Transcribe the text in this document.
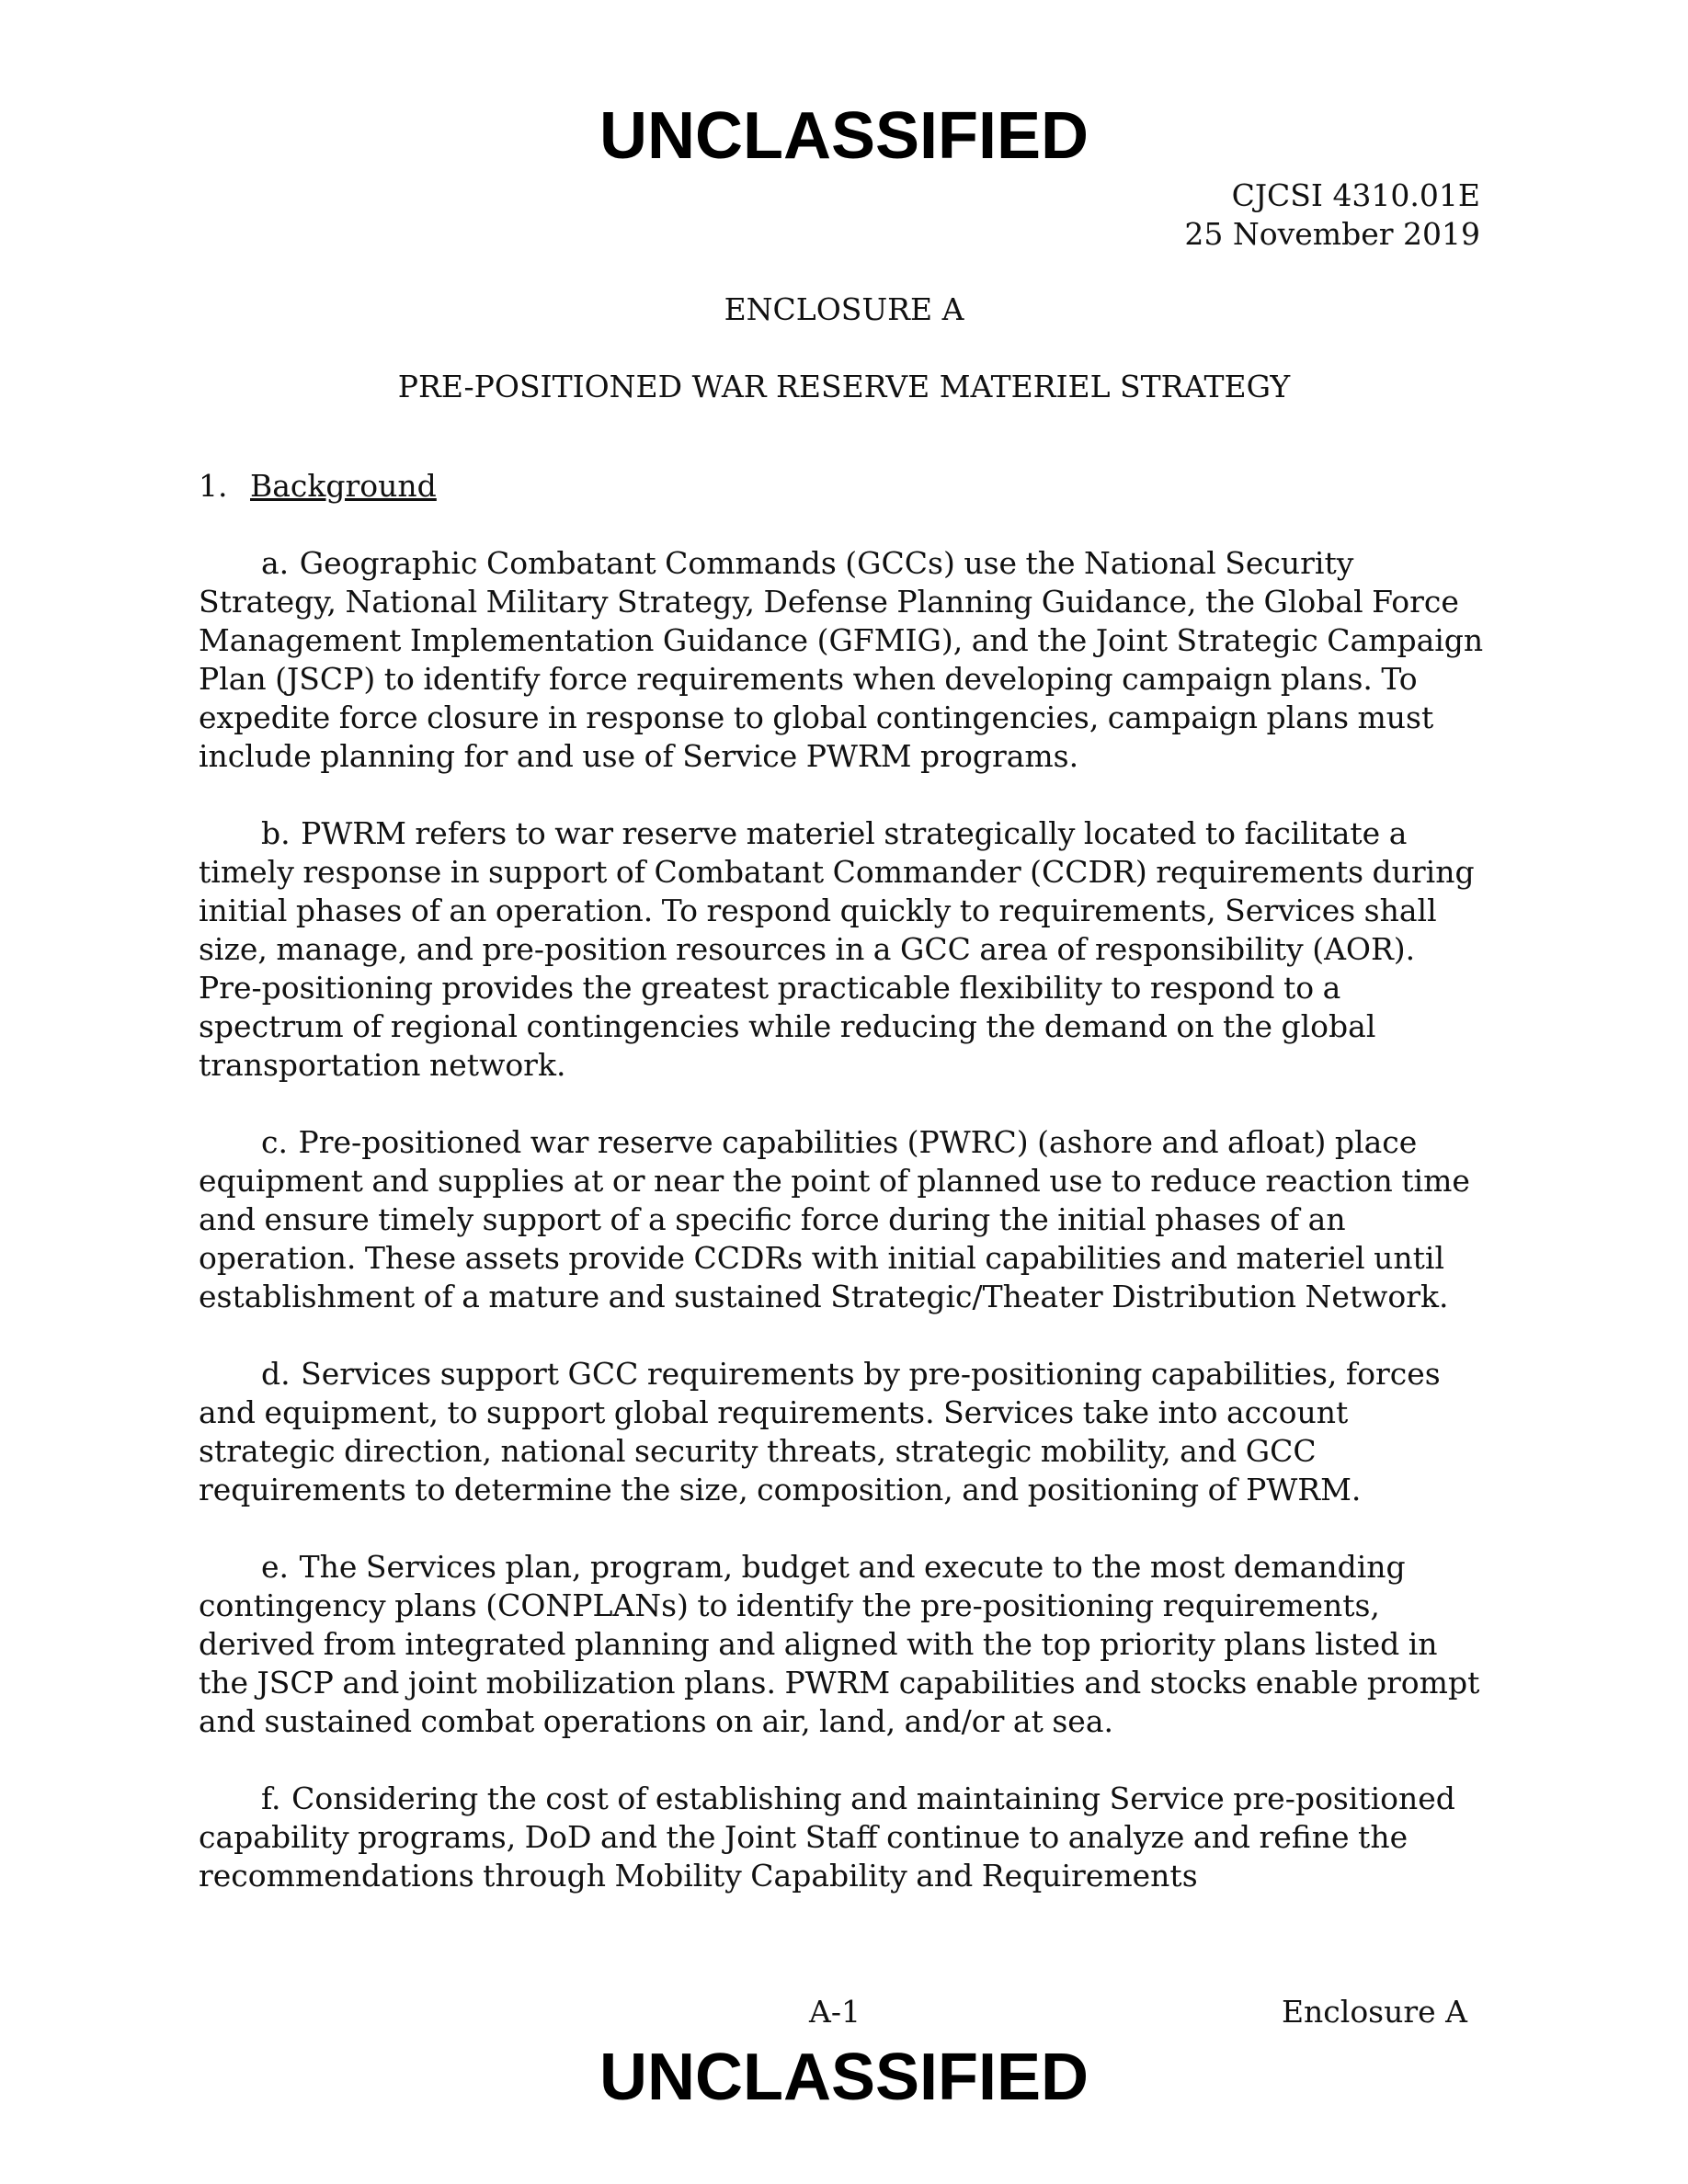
UNCLASSIFIED
CJCSI 4310.01E
25 November 2019
ENCLOSURE A
PRE-POSITIONED WAR RESERVE MATERIEL STRATEGY
1. Background

a. Geographic Combatant Commands (GCCs) use the National Security Strategy, National Military Strategy, Defense Planning Guidance, the Global Force Management Implementation Guidance (GFMIG), and the Joint Strategic Campaign Plan (JSCP) to identify force requirements when developing campaign plans. To expedite force closure in response to global contingencies, campaign plans must include planning for and use of Service PWRM programs.

b. PWRM refers to war reserve materiel strategically located to facilitate a timely response in support of Combatant Commander (CCDR) requirements during initial phases of an operation. To respond quickly to requirements, Services shall size, manage, and pre-position resources in a GCC area of responsibility (AOR). Pre-positioning provides the greatest practicable flexibility to respond to a spectrum of regional contingencies while reducing the demand on the global transportation network.

c. Pre-positioned war reserve capabilities (PWRC) (ashore and afloat) place equipment and supplies at or near the point of planned use to reduce reaction time and ensure timely support of a specific force during the initial phases of an operation. These assets provide CCDRs with initial capabilities and materiel until establishment of a mature and sustained Strategic/Theater Distribution Network.

d. Services support GCC requirements by pre-positioning capabilities, forces and equipment, to support global requirements. Services take into account strategic direction, national security threats, strategic mobility, and GCC requirements to determine the size, composition, and positioning of PWRM.

e. The Services plan, program, budget and execute to the most demanding contingency plans (CONPLANs) to identify the pre-positioning requirements, derived from integrated planning and aligned with the top priority plans listed in the JSCP and joint mobilization plans. PWRM capabilities and stocks enable prompt and sustained combat operations on air, land, and/or at sea.

f. Considering the cost of establishing and maintaining Service pre-positioned capability programs, DoD and the Joint Staff continue to analyze and refine the recommendations through Mobility Capability and Requirements

A-1	Enclosure A
UNCLASSIFIED
